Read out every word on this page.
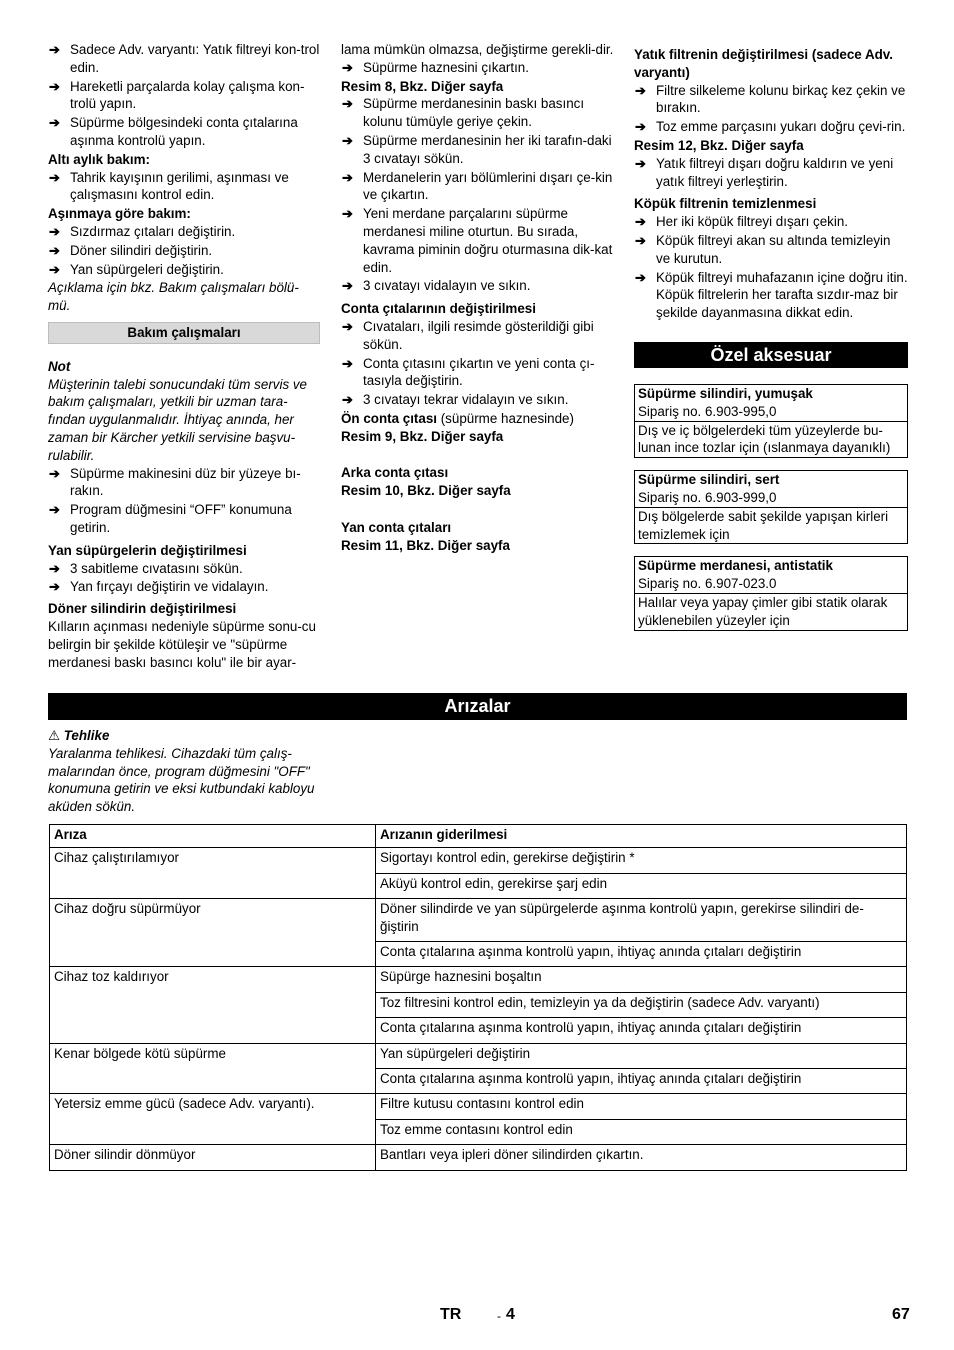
➔ Sadece Adv. varyantı: Yatık filtreyi kon-trol edin.
➔ Hareketli parçalarda kolay çalışma kon-trolü yapın.
➔ Süpürme bölgesindeki conta çıtalarına aşınma kontrolü yapın.
Altı aylık bakım:
➔ Tahrik kayışının gerilimi, aşınması ve çalışmasını kontrol edin.
Aşınmaya göre bakım:
➔ Sızdırmaz çıtaları değiştirin.
➔ Döner silindiri değiştirin.
➔ Yan süpürgeleri değiştirin.
Açıklama için bkz. Bakım çalışmaları bölü-mü.
Bakım çalışmaları
Not
Müşterinin talebi sonucundaki tüm servis ve bakım çalışmaları, yetkili bir uzman tara-fından uygulanmalıdır. İhtiyaç anında, her zaman bir Kärcher yetkili servisine başvu-rulabilir.
➔ Süpürme makinesini düz bir yüzeye bı-rakın.
➔ Program düğmesini “OFF” konumuna getirin.
Yan süpürgelerin değiştirilmesi
➔ 3 sabitleme cıvatasını sökün.
➔ Yan fırçayı değiştirin ve vidalayın.
Döner silindirin değiştirilmesi
Kılların açınması nedeniyle süpürme sonu-cu belirgin bir şekilde kötüleşir ve "süpürme merdanesi baskı basıncı kolu" ile bir ayar-
lama mümkün olmazsa, değiştirme gerekli-dir.
➔ Süpürme haznesini çıkartın.
Resim 8, Bkz. Diğer sayfa
➔ Süpürme merdanesinin baskı basıncı kolunu tümüyle geriye çekin.
➔ Süpürme merdanesinin her iki tarafın-daki 3 cıvatayı sökün.
➔ Merdanelerin yarı bölümlerini dışarı çe-kin ve çıkartın.
➔ Yeni merdane parçalarını süpürme merdanesi miline oturtun. Bu sırada, kavrama piminin doğru oturmasına dik-kat edin.
➔ 3 cıvatayı vidalayın ve sıkın.
Conta çıtalarının değiştirilmesi
➔ Cıvataları, ilgili resimde gösterildiği gibi sökün.
➔ Conta çıtasını çıkartın ve yeni conta çı-tasıyla değiştirin.
➔ 3 cıvatayı tekrar vidalayın ve sıkın.
Ön conta çıtası (süpürme haznesinde)
Resim 9, Bkz. Diğer sayfa
Arka conta çıtası
Resim 10, Bkz. Diğer sayfa
Yan conta çıtaları
Resim 11, Bkz. Diğer sayfa
Yatık filtrenin değiştirilmesi (sadece Adv. varyantı)
➔ Filtre silkeleme kolunu birkaç kez çekin ve bırakın.
➔ Toz emme parçasını yukarı doğru çevi-rin.
Resim 12, Bkz. Diğer sayfa
➔ Yatık filtreyi dışarı doğru kaldırın ve yeni yatık filtreyi yerleştirin.
Köpük filtrenin temizlenmesi
➔ Her iki köpük filtreyi dışarı çekin.
➔ Köpük filtreyi akan su altında temizleyin ve kurutun.
➔ Köpük filtreyi muhafazanın içine doğru itin. Köpük filtrelerin her tarafta sızdır-maz bir şekilde dayanmasına dikkat edin.
Özel aksesuar
Süpürme silindiri, yumuşak
Sipariş no. 6.903-995,0
Dış ve iç bölgelerdeki tüm yüzeylerde bu-lunan ince tozlar için (ıslanmaya dayanıklı)
Süpürme silindiri, sert
Sipariş no. 6.903-999,0
Dış bölgelerde sabit şekilde yapışan kirleri temizlemek için
Süpürme merdanesi, antistatik
Sipariş no. 6.907-023.0
Halılar veya yapay çimler gibi statik olarak yüklenebilen yüzeyler için
Arızalar
⚠ Tehlike
Yaralanma tehlikesi. Cihazdaki tüm çalış-malarından önce, program düğmesini "OFF" konumuna getirin ve eksi kutbundaki kabloyu aküden sökün.
Arıza	Arızanın giderilmesi
Cihaz çalıştırılamıyor	Sigortayı kontrol edin, gerekirse değiştirin *
	Aküyü kontrol edin, gerekirse şarj edin
Cihaz doğru süpürmüyor	Döner silindirde ve yan süpürgelerde aşınma kontrolü yapın, gerekirse silindiri de-ğiştirin
	Conta çıtalarına aşınma kontrolü yapın, ihtiyaç anında çıtaları değiştirin
Cihaz toz kaldırıyor	Süpürge haznesini boşaltın
	Toz filtresini kontrol edin, temizleyin ya da değiştirin (sadece Adv. varyantı)
	Conta çıtalarına aşınma kontrolü yapın, ihtiyaç anında çıtaları değiştirin
Kenar bölgede kötü süpürme	Yan süpürgeleri değiştirin
	Conta çıtalarına aşınma kontrolü yapın, ihtiyaç anında çıtaları değiştirin
Yetersiz emme gücü (sadece Adv. varyantı).	Filtre kutusu contasını kontrol edin
	Toz emme contasını kontrol edin
Döner silindir dönmüyor	Bantları veya ipleri döner silindirden çıkartın.
TR	- 4	67
